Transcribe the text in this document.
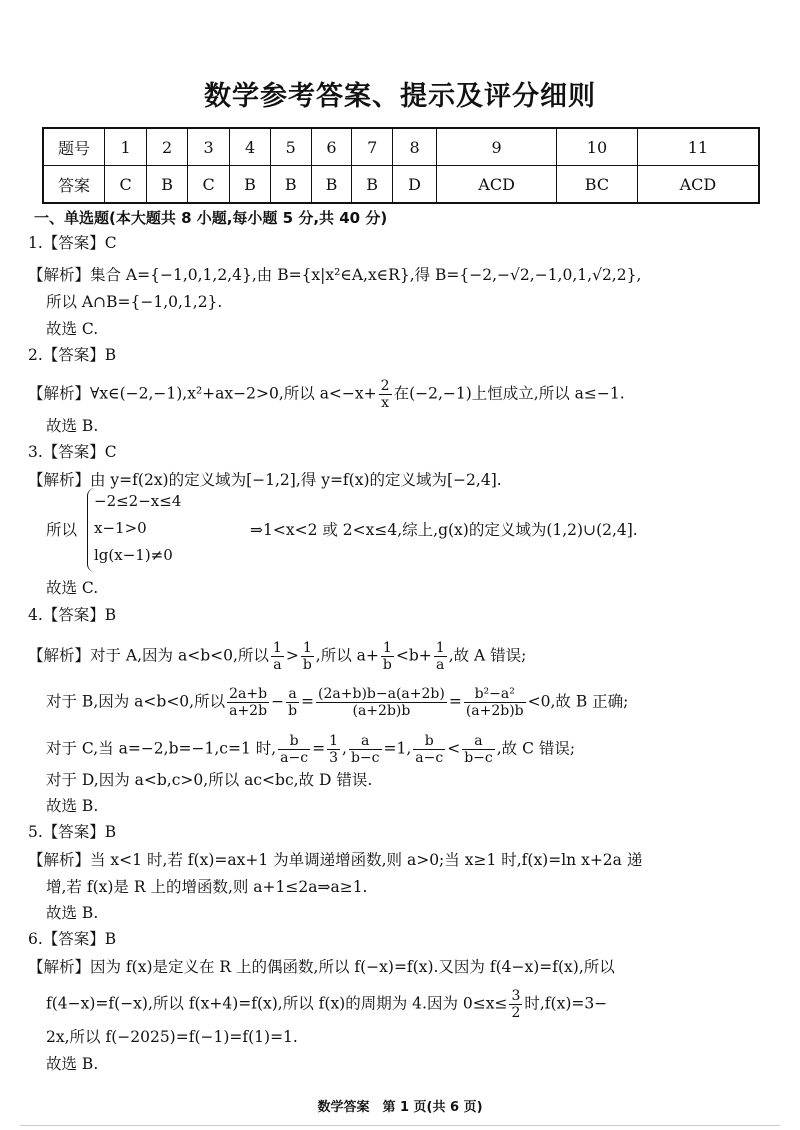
数学参考答案、提示及评分细则
题号	1	2	3	4	5	6	7	8	9	10	11
答案	C	B	C	B	B	B	B	D	ACD	BC	ACD
一、单选题(本大题共 8 小题,每小题 5 分,共 40 分)
1.【答案】C
【解析】集合 A={−1,0,1,2,4},由 B={x|x²∈A,x∈R},得 B={−2,−√2,−1,0,1,√2,2},
所以 A∩B={−1,0,1,2}.
故选 C.
2.【答案】B
【解析】∀x∈(−2,−1),x²+ax−2>0,所以 $a<-x+ \frac{2}{x}$ 在(−2,−1)上恒成立,所以 a≤−1.
故选 B.
3.【答案】C
【解析】由 y=f(2x)的定义域为[−1,2],得 y=f(x)的定义域为[−2,4].
所以
−2≤2−x≤4
x−1>0
lg(x−1)≠0
⇒1<x<2 或 2<x≤4,综上,g(x)的定义域为(1,2)∪(2,4].
故选 C.
4.【答案】B
【解析】对于 A,因为 a<b<0,所以 $\frac{1}{a} > \frac{1}{b}$ ,所以 $a+ \frac{1}{b} <b+ \frac{1}{a}$ ,故 A 错误;
对于 B,因为 a<b<0,所以 $\frac{2a+b}{a+2b} - \frac{a}{b} = \frac{(2a+b)b-a(a+2b)}{(a+2b)b} = \frac{\text{b²−a²}}{(a+2b)b} <0$,故 B 正确;
对于 C,当 a=−2,b=−1,c=1 时, $\frac{b}{a-c} = \frac{1}{3}$ , $\frac{a}{b-c} =1$, $\frac{b}{a-c} < \frac{a}{b-c}$ ,故 C 错误;
对于 D,因为 a<b,c>0,所以 ac<bc,故 D 错误.
故选 B.
5.【答案】B
【解析】当 x<1 时,若 f(x)=ax+1 为单调递增函数,则 a>0;当 x≥1 时,f(x)=ln x+2a 递
增,若 f(x)是 R 上的增函数,则 a+1≤2a⇒a≥1.
故选 B.
6.【答案】B
【解析】因为 f(x)是定义在 R 上的偶函数,所以 f(−x)=f(x).又因为 f(4−x)=f(x),所以
f(4−x)=f(−x),所以 f(x+4)=f(x),所以 f(x)的周期为 4.因为 $0\le x\le \frac{3}{2}$ 时,f(x)=3−
2x,所以 f(−2025)=f(−1)=f(1)=1.
故选 B.
数学答案　第 1 页(共 6 页)
